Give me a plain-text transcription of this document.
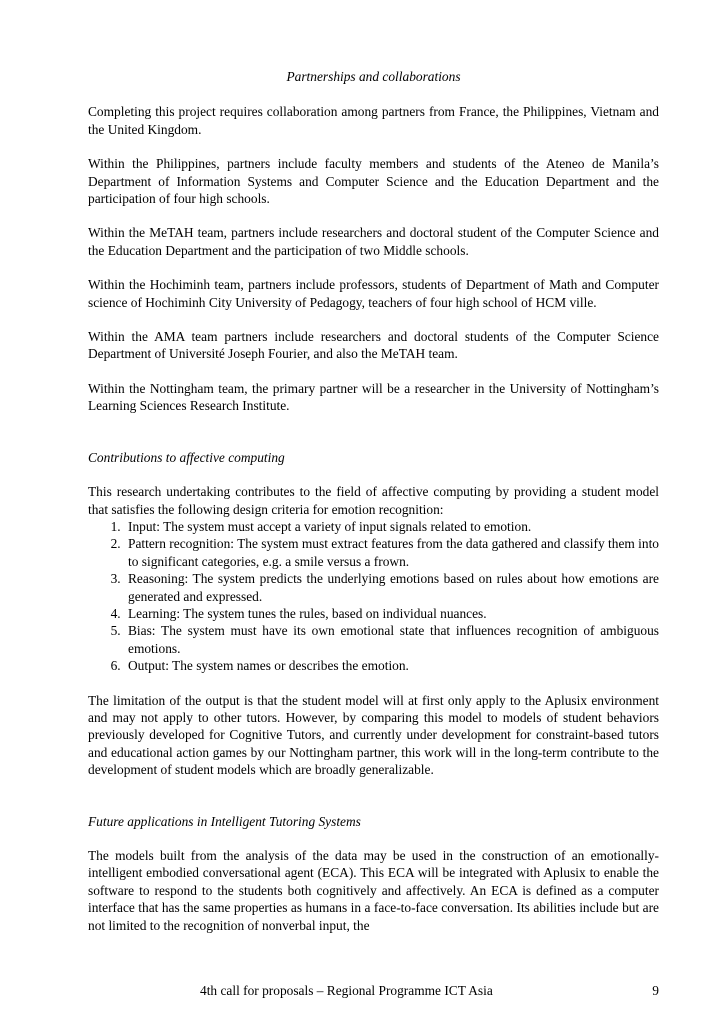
Partnerships and collaborations

Completing this project requires collaboration among partners from France, the Philippines, Vietnam and the United Kingdom.

Within the Philippines, partners include faculty members and students of the Ateneo de Manila’s Department of Information Systems and Computer Science and the Education Department and the participation of four high schools.

Within the MeTAH team, partners include researchers and doctoral student of the Computer Science and the Education Department and the participation of two Middle schools.

Within the Hochiminh team, partners include professors, students of Department of Math and Computer science of Hochiminh City University of Pedagogy, teachers of four high school of HCM ville.

Within the AMA team partners include researchers and doctoral students of the Computer Science Department of Université Joseph Fourier, and also the MeTAH team.

Within the Nottingham team, the primary partner will be a researcher in the University of Nottingham’s Learning Sciences Research Institute.

Contributions to affective computing

This research undertaking contributes to the field of affective computing by providing a student model that satisfies the following design criteria for emotion recognition:

1. Input: The system must accept a variety of input signals related to emotion.
2. Pattern recognition: The system must extract features from the data gathered and classify them into to significant categories, e.g. a smile versus a frown.
3. Reasoning: The system predicts the underlying emotions based on rules about how emotions are generated and expressed.
4. Learning: The system tunes the rules, based on individual nuances.
5. Bias: The system must have its own emotional state that influences recognition of ambiguous emotions.
6. Output: The system names or describes the emotion.

The limitation of the output is that the student model will at first only apply to the Aplusix environment and may not apply to other tutors. However, by comparing this model to models of student behaviors previously developed for Cognitive Tutors, and currently under development for constraint-based tutors and educational action games by our Nottingham partner, this work will in the long-term contribute to the development of student models which are broadly generalizable.

Future applications in Intelligent Tutoring Systems

The models built from the analysis of the data may be used in the construction of an emotionally-intelligent embodied conversational agent (ECA). This ECA will be integrated with Aplusix to enable the software to respond to the students both cognitively and affectively. An ECA is defined as a computer interface that has the same properties as humans in a face-to-face conversation. Its abilities include but are not limited to the recognition of nonverbal input, the

4th call for proposals – Regional Programme ICT Asia	9
